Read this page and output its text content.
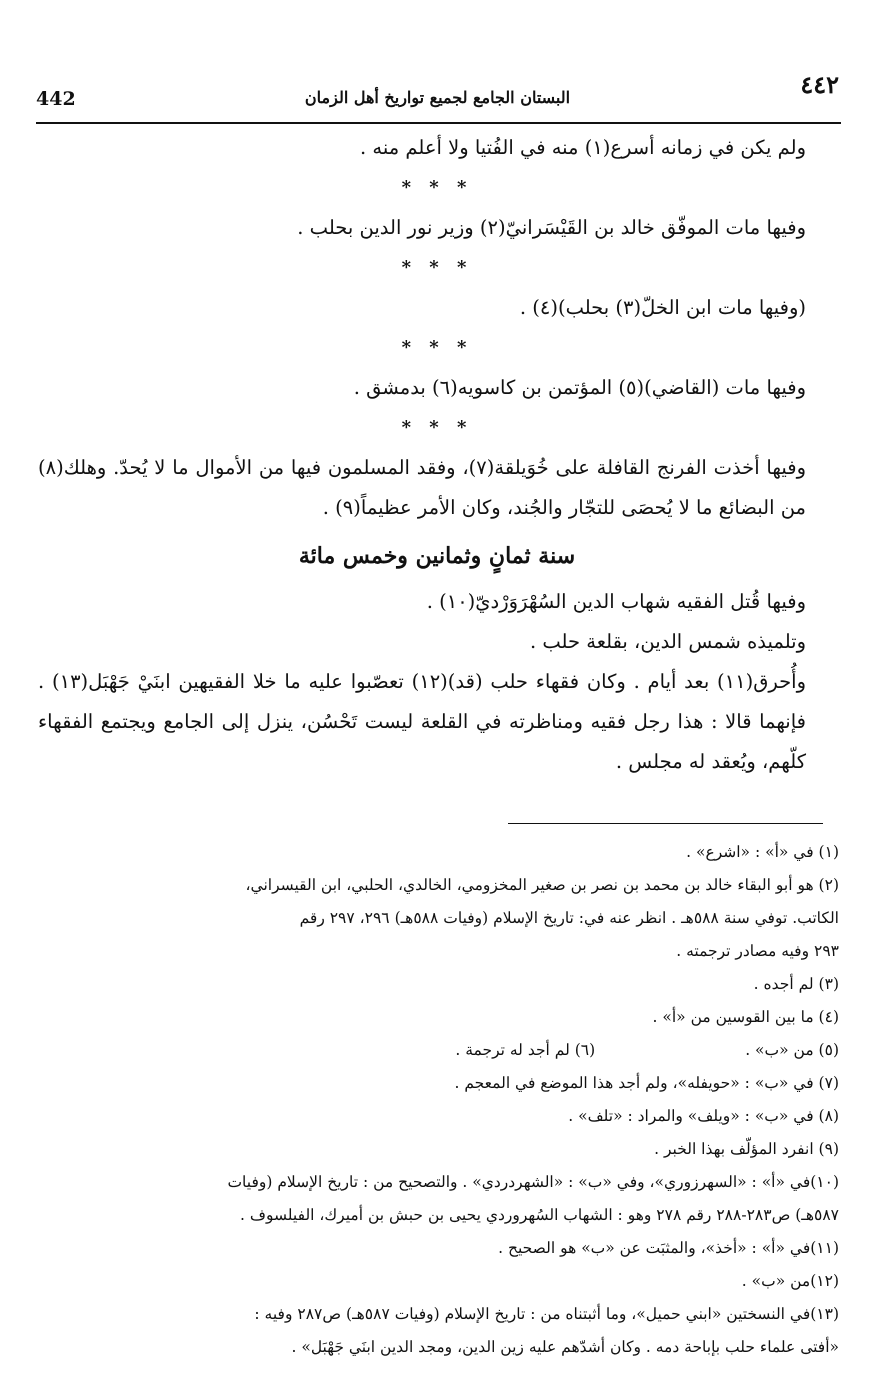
442	البستان الجامع لجميع تواريخ أهل الزمان	٤٤٢

ولم يكن في زمانه أسرع(١) منه في الفُتيا ولا أعلم منه .

* * *

وفيها مات الموفّق خالد بن القَيْسَرانيّ(٢) وزير نور الدين بحلب .

* * *

(وفيها مات ابن الخلّ(٣) بحلب)(٤) .

* * *

وفيها مات (القاضي)(٥) المؤتمن بن كاسويه(٦) بدمشق .

* * *

وفيها أخذت الفرنج القافلة على خُوَيلقة(٧)، وفقد المسلمون فيها من الأموال ما لا يُحدّ. وهلك(٨) من البضائع ما لا يُحصَى للتجّار والجُند، وكان الأمر عظيماً(٩) .

سنة ثمانٍ وثمانين وخمس مائة

وفيها قُتل الفقيه شهاب الدين السُهْرَوَرْديّ(١٠) .

وتلميذه شمس الدين، بقلعة حلب .

وأُحرق(١١) بعد أيام . وكان فقهاء حلب (قد)(١٢) تعصّبوا عليه ما خلا الفقيهين ابنَيْ جَهْبَل(١٣) . فإنهما قالا : هذا رجل فقيه ومناظرته في القلعة ليست تَحْسُن، ينزل إلى الجامع ويجتمع الفقهاء كلّهم، ويُعقد له مجلس .

(١) في «أ» : «اشرع» .

(٢) هو أبو البقاء خالد بن محمد بن نصر بن صغير المخزومي، الخالدي، الحلبي، ابن القيسراني،
الكاتب. توفي سنة ٥٨٨هـ . انظر عنه في: تاريخ الإسلام (وفيات ٥٨٨هـ) ٢٩٦، ٢٩٧ رقم
٢٩٣ وفيه مصادر ترجمته .

(٣) لم أجده .

(٤) ما بين القوسين من «أ» .

(٥) من «ب» .
(٦) لم أجد له ترجمة .

(٧) في «ب» : «حويفله»، ولم أجد هذا الموضع في المعجم .

(٨) في «ب» : «ويلف» والمراد : «تلف» .

(٩) انفرد المؤلّف بهذا الخبر .

(١٠)في «أ» : «السهرزوري»، وفي «ب» : «الشهردردي» . والتصحيح من : تاريخ الإسلام (وفيات
٥٨٧هـ) ص٢٨٣-٢٨٨ رقم ٢٧٨ وهو : الشهاب السُهروردي يحيى بن حبش بن أميرك، الفيلسوف .

(١١)في «أ» : «أخذ»، والمثبَت عن «ب» هو الصحيح .

(١٢)من «ب» .

(١٣)في النسختين «ابني حميل»، وما أثبتناه من : تاريخ الإسلام (وفيات ٥٨٧هـ) ص٢٨٧ وفيه :
«أفتى علماء حلب بإباحة دمه . وكان أشدّهم عليه زين الدين، ومجد الدين ابنَي جَهْبَل» .
